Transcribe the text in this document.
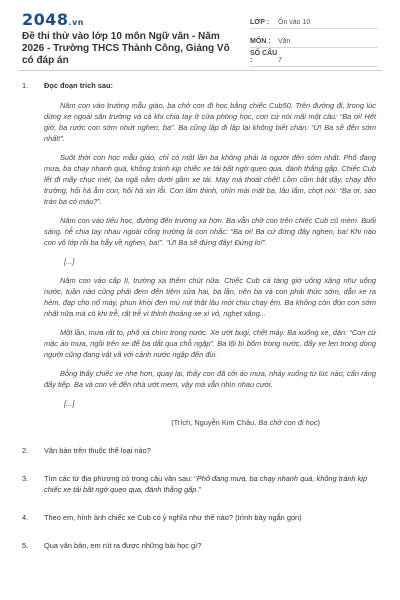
2048.vn
Đề thi thử vào lớp 10 môn Ngữ văn - Năm 2026 - Trường THCS Thành Công, Giảng Võ có đáp án
LỚP :	Ôn vào 10
MÔN :	Văn
SỐ CÂU :	7
1. Đọc đoạn trích sau:

Năm con vào trường mẫu giáo, ba chở con đi học bằng chiếc Cub50. Trên đường đi, trong lúc dừng xe ngoài sân trường và cả khi chia tay ở cửa phòng học, con cứ nói mãi một câu: “Ba ơi! Hết giờ, ba rước con sớm nhứt nghen, ba”. Ba cũng lặp đi lặp lại không biết chán: “Ừ! Ba sẽ đến sớm nhất!”.

Suốt thời con học mẫu giáo, chỉ có một lần ba không phải là người đến sớm nhất. Phố đang mưa, ba chạy nhanh quá, không tránh kịp chiếc xe tải bất ngờ quẹo qua, đánh thắng gấp. Chiếc Cub lết đi mấy chục mét, ba ngã nằm dưới gầm xe tải. May mà thoát chết! Lồm cồm bật dậy, chạy đến trường, hối hả ẵm con, hối hả xin lỗi. Con lấm thinh, nhìn mái mặt ba, lâu lắm, chợt nói: “Ba ơi, sao trán ba có máu?”.

Năm con vào tiểu học, đường đến trường xa hơn. Ba vẫn chở con trên chiếc Cub cũ mèm. Buổi sáng, hễ chia tay nhau ngoài cổng trường là con nhắc: “Ba ơi! Ba cứ đứng đây nghen, ba! Khi nào con vô lớp rồi ba hẵy về nghen, ba!”. “Ừ! Ba sẽ đứng đây! Đứng lo!”.

[...]

Năm con vào cấp II, trường xa thêm chút nữa. Chiếc Cub cà tàng giờ uống xăng như uống nước, tuần nào cũng phải đem đến tiệm sửa hai, ba lần, nên ba và con phải thức sớm, dẫn xe ra hẻm, đạp cho nổ máy, phun khói đen mù mịt thật lâu mới chịu chạy êm. Ba không còn đón con sớm nhất nữa mà có khi trễ, rất trễ vì thỉnh thoảng xe xì vỏ, nghẹt xăng...

Một lần, mưa rất to, phố xá chìm trong nước. Xe ướt bugi, chết máy. Ba xuống xe, dặn: “Con cứ mặc áo mưa, ngồi trên xe để ba dắt qua chỗ ngập”. Ba lội bì bõm trong nước, đẩy xe len trong dòng người cũng đang vật vã với cảnh nước ngập đến đùi.

Bỗng thấy chiếc xe nhẹ hơn, quay lại, thấy con đã cởi áo mưa, nhảy xuống từ lúc nào, cẩn răng đẩy tiếp. Ba và con về đến nhà ướt mem, vậy mà vẫn nhìn nhau cười.

[...]

(Trích, Nguyễn Kim Châu, Ba chở con đi học)
2. Văn bản trên thuộc thể loại nào?
3. Tìm các từ địa phương có trong câu văn sau: “Phố đang mưa, ba chạy nhanh quá, không tránh kịp chiếc xe tải bất ngờ quẹo qua, đánh thắng gấp.”
4. Theo em, hình ảnh chiếc xe Cub có ý nghĩa như thế nào? (trình bày ngắn gọn)
5. Qua văn bản, em rút ra được những bài học gì?
